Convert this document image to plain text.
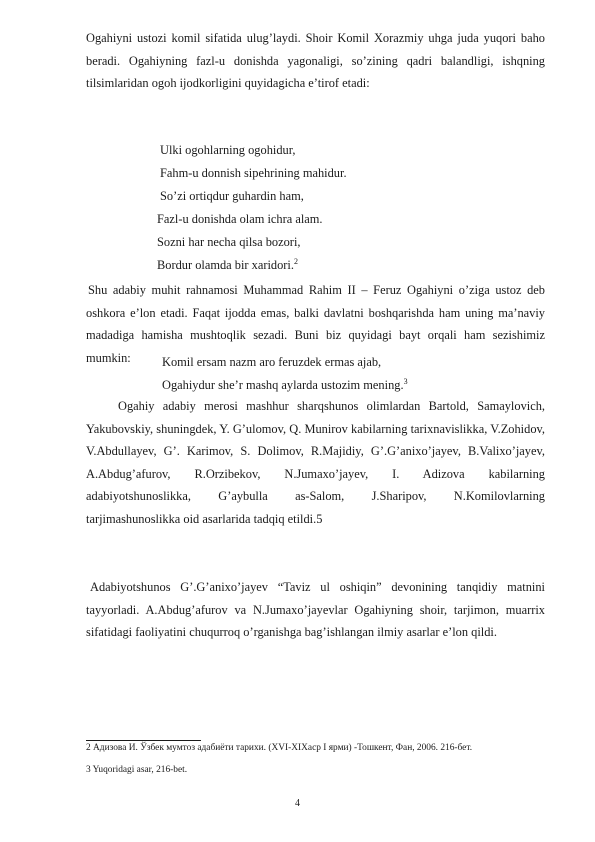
Ogahiyni ustozi komil sifatida ulug’laydi. Shoir Komil Xorazmiy uhga juda yuqori baho beradi. Ogahiyning fazl-u donishda yagonaligi, so’zining qadri balandligi, ishqning tilsimlaridan ogoh ijodkorligini quyidagicha e’tirof etadi:
Ulki ogohlarning ogohidur,
Fahm-u donnish sipehrining mahidur.
So’zi ortiqdur guhardin ham,
Fazl-u donishda olam ichra alam.
Sozni har necha qilsa bozori,
Bordur olamda bir xaridori.$^2$
Shu adabiy muhit rahnamosi Muhammad Rahim II – Feruz Ogahiyni o’ziga ustoz deb oshkora e’lon etadi. Faqat ijodda emas, balki davlatni boshqarishda ham uning ma’naviy madadiga hamisha mushtoqlik sezadi. Buni biz quyidagi bayt orqali ham sezishimiz mumkin:	Komil ersam nazm aro feruzdek ermas ajab,
Ogahiydur she’r mashq aylarda ustozim mening.$^3$
Ogahiy adabiy merosi mashhur sharqshunos olimlardan Bartold, Samaylovich, Yakubovskiy, shuningdek, Y. G’ulomov, Q. Munirov kabilarning tarixnavislikka, V.Zohidov, V.Abdullayev, G’. Karimov, S. Dolimov, R.Majidiy, G’.G’anixo’jayev, B.Valixo’jayev, A.Abdug’afurov, R.Orzibekov, N.Jumaxo’jayev, I. Adizova kabilarning adabiyotshunoslikka, G’aybulla as-Salom, J.Sharipov, N.Komilovlarning tarjimashunoslikka oid asarlarida tadqiq etildi.5
Adabiyotshunos G’.G’anixo’jayev “Taviz ul oshiqin” devonining tanqidiy matnini tayyorladi. A.Abdug’afurov va N.Jumaxo’jayevlar Ogahiyning shoir, tarjimon, muarrix sifatidagi faoliyatini chuqurroq o’rganishga bag’ishlangan ilmiy asarlar e’lon qildi.
2 Адизова И. Ўзбек мумтоз адабиёти тарихи. (XVI-XIXаср I ярми) -Тошкент, Фан, 2006. 216-бет.
3 Yuqoridagi asar, 216-bet.
4
